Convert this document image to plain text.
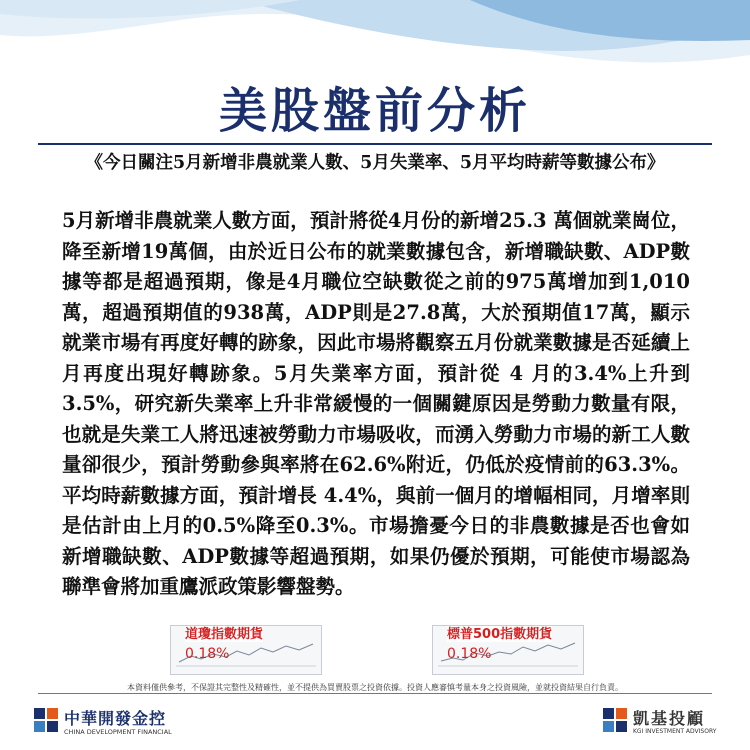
美股盤前分析
《今日關注5月新增非農就業人數、5月失業率、5月平均時薪等數據公布》

5月新增非農就業人數方面，預計將從4月份的新增25.3 萬個就業崗位，降至新增19萬個，由於近日公布的就業數據包含，新增職缺數、ADP數據等都是超過預期，像是4月職位空缺數從之前的975萬增加到1,010萬，超過預期值的938萬，ADP則是27.8萬，大於預期值17萬，顯示就業市場有再度好轉的跡象，因此市場將觀察五月份就業數據是否延續上月再度出現好轉跡象。5月失業率方面，預計從 4 月的3.4%上升到3.5%，研究新失業率上升非常緩慢的一個關鍵原因是勞動力數量有限，也就是失業工人將迅速被勞動力市場吸收，而湧入勞動力市場的新工人數量卻很少，預計勞動參與率將在62.6%附近，仍低於疫情前的63.3%。平均時薪數據方面，預計增長 4.4%，與前一個月的增幅相同，月增率則是估計由上月的0.5%降至0.3%。市場擔憂今日的非農數據是否也會如新增職缺數、ADP數據等超過預期，如果仍優於預期，可能使市場認為聯準會將加重鷹派政策影響盤勢。

道瓊指數期貨
0.18%
標普500指數期貨
0.18%
本資料僅供參考，不保證其完整性及精確性，並不提供為買賣股票之投資依據。投資人應審慎考量本身之投資風險，並就投資結果自行負責。
中華開發金控
CHINA DEVELOPMENT FINANCIAL
凱基投顧
KGI INVESTMENT ADVISORY
